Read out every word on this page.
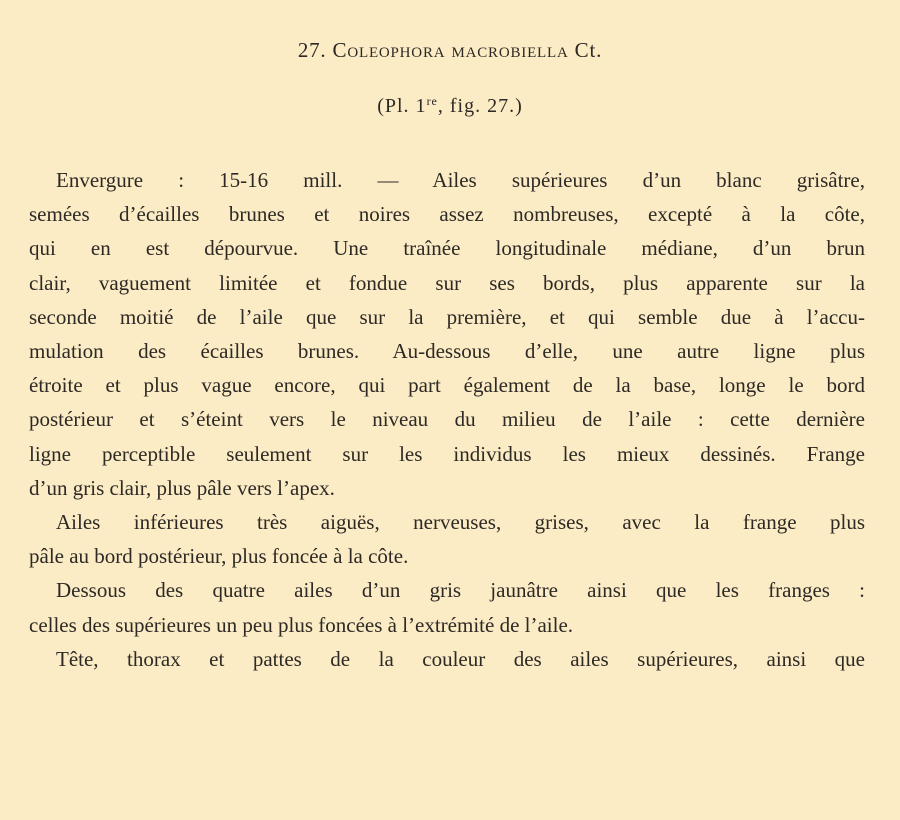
27. Coleophora macrobiella Ct.
(Pl. 1re, fig. 27.)

Envergure : 15-16 mill. — Ailes supérieures d’un blanc grisâtre,

semées d’écailles brunes et noires assez nombreuses, excepté à la côte,

qui en est dépourvue. Une traînée longitudinale médiane, d’un brun

clair, vaguement limitée et fondue sur ses bords, plus apparente sur la

seconde moitié de l’aile que sur la première, et qui semble due à l’accu-

mulation des écailles brunes. Au-dessous d’elle, une autre ligne plus

étroite et plus vague encore, qui part également de la base, longe le bord

postérieur et s’éteint vers le niveau du milieu de l’aile : cette dernière

ligne perceptible seulement sur les individus les mieux dessinés. Frange

d’un gris clair, plus pâle vers l’apex.

Ailes inférieures très aiguës, nerveuses, grises, avec la frange plus

pâle au bord postérieur, plus foncée à la côte.

Dessous des quatre ailes d’un gris jaunâtre ainsi que les franges :

celles des supérieures un peu plus foncées à l’extrémité de l’aile.

Tête, thorax et pattes de la couleur des ailes supérieures, ainsi que
